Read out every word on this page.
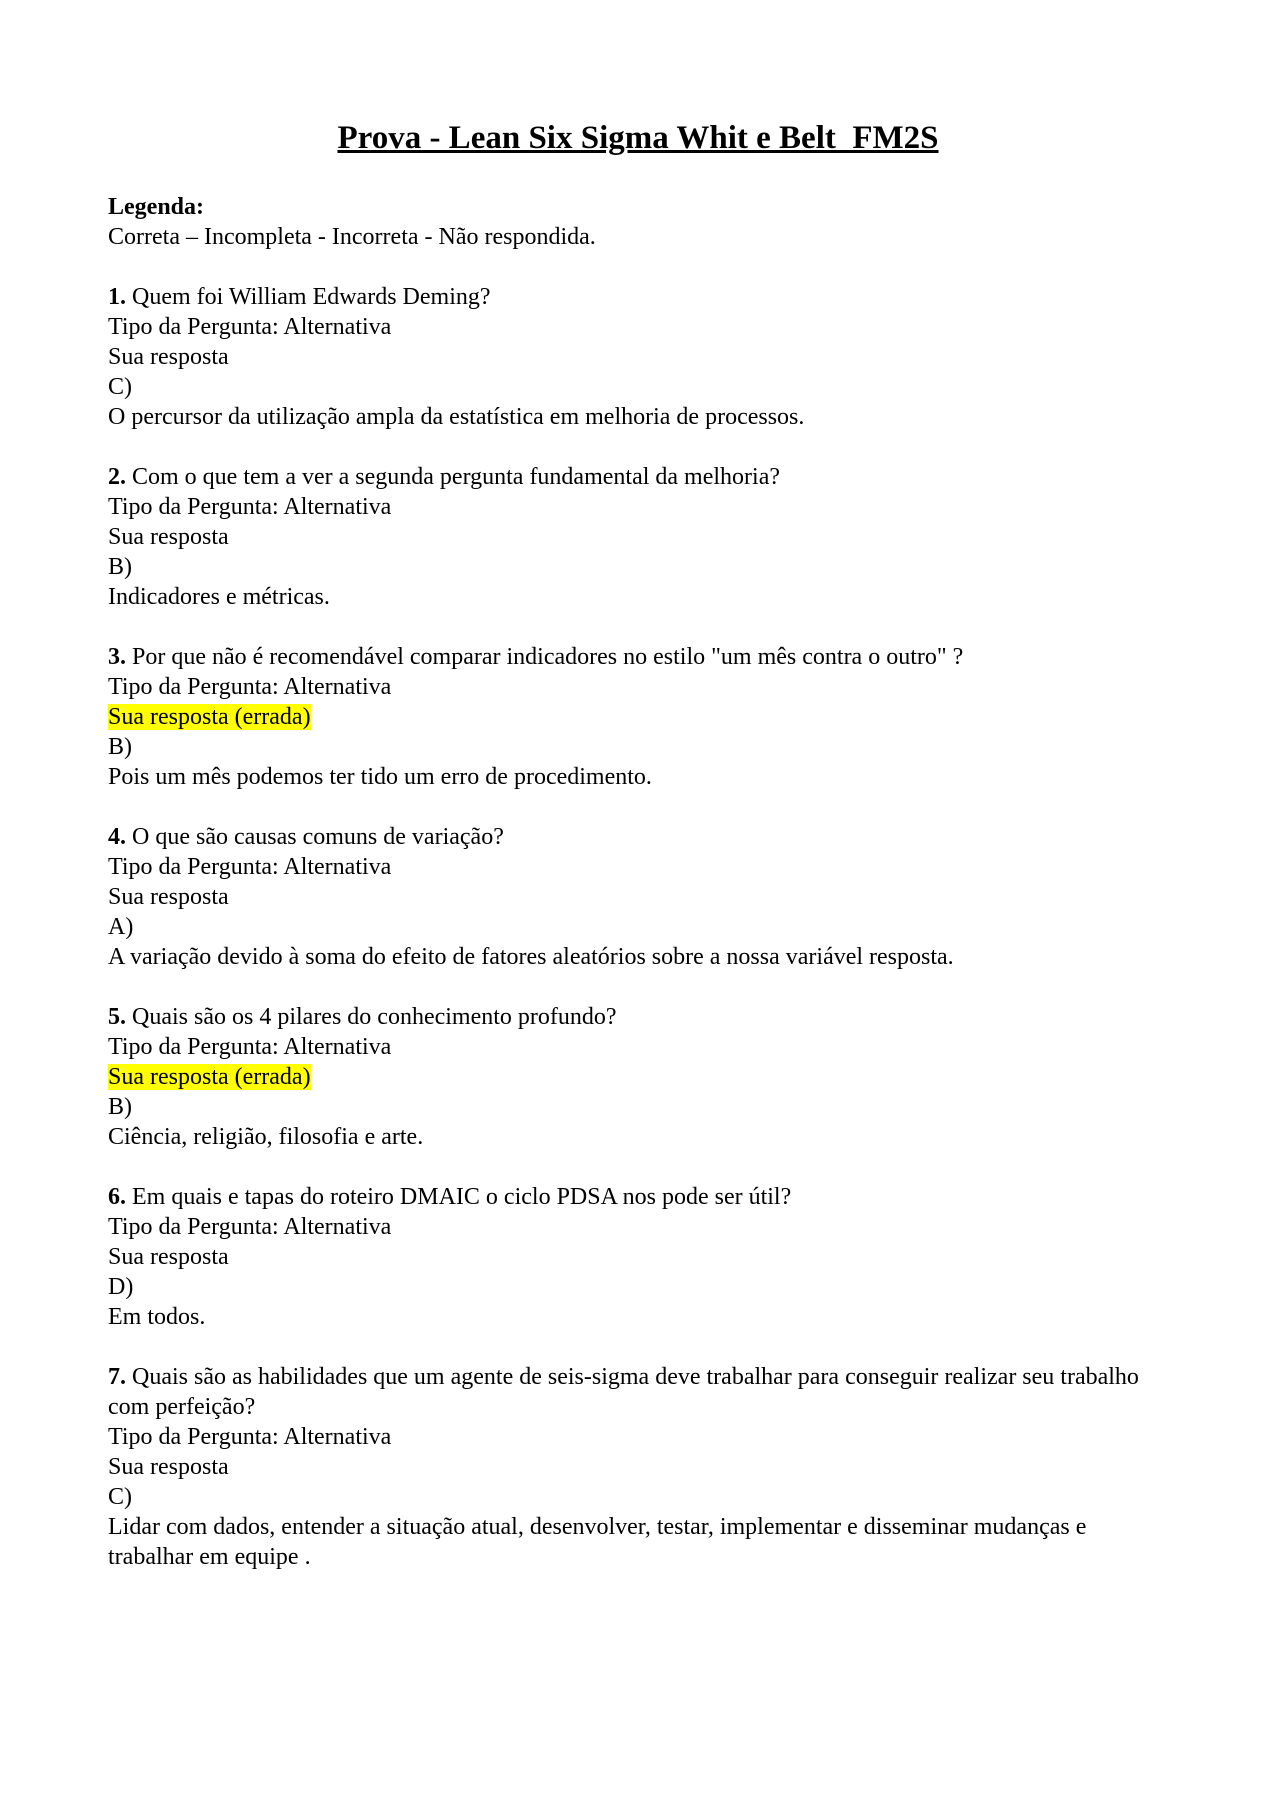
Prova - Lean Six Sigma Whit e Belt_FM2S

Legenda:

Correta – Incompleta - Incorreta - Não respondida.

1. Quem foi William Edwards Deming?

Tipo da Pergunta: Alternativa

Sua resposta

C)

O percursor da utilização ampla da estatística em melhoria de processos.

2. Com o que tem a ver a segunda pergunta fundamental da melhoria?

Tipo da Pergunta: Alternativa

Sua resposta

B)

Indicadores e métricas.

3. Por que não é recomendável comparar indicadores no estilo "um mês contra o outro" ?

Tipo da Pergunta: Alternativa

Sua resposta (errada)

B)

Pois um mês podemos ter tido um erro de procedimento.

4. O que são causas comuns de variação?

Tipo da Pergunta: Alternativa

Sua resposta

A)

A variação devido à soma do efeito de fatores aleatórios sobre a nossa variável resposta.

5. Quais são os 4 pilares do conhecimento profundo?

Tipo da Pergunta: Alternativa

Sua resposta (errada)

B)

Ciência, religião, filosofia e arte.

6. Em quais e tapas do roteiro DMAIC o ciclo PDSA nos pode ser útil?

Tipo da Pergunta: Alternativa

Sua resposta

D)

Em todos.

7. Quais são as habilidades que um agente de seis-sigma deve trabalhar para conseguir realizar seu trabalho com perfeição?

Tipo da Pergunta: Alternativa

Sua resposta

C)

Lidar com dados, entender a situação atual, desenvolver, testar, implementar e disseminar mudanças e trabalhar em equipe .
